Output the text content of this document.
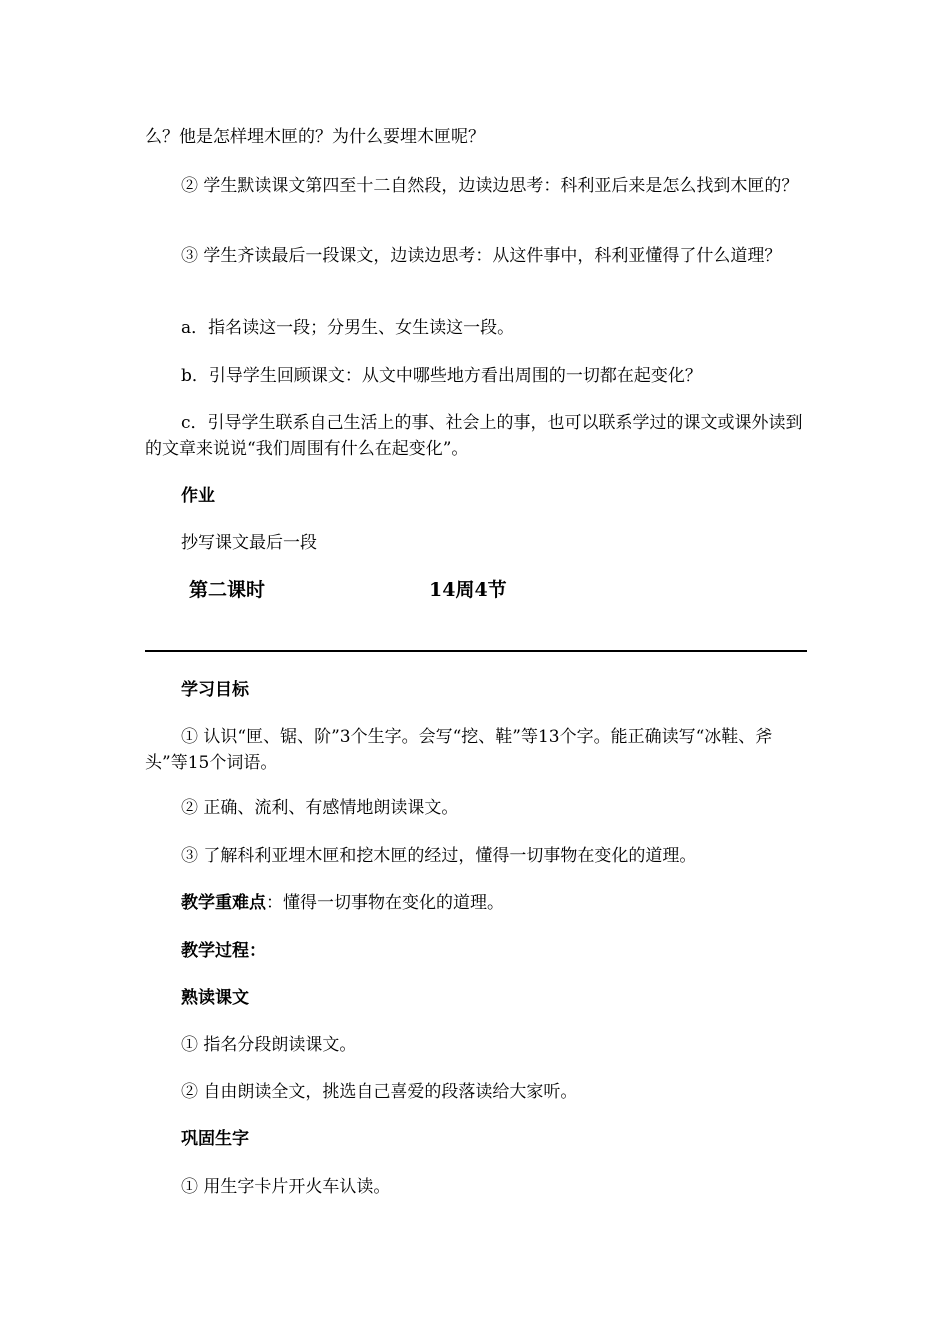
么？他是怎样埋木匣的？为什么要埋木匣呢？

② 学生默读课文第四至十二自然段，边读边思考：科利亚后来是怎么找到木匣的？

③ 学生齐读最后一段课文，边读边思考：从这件事中，科利亚懂得了什么道理？

a．指名读这一段；分男生、女生读这一段。

b．引导学生回顾课文：从文中哪些地方看出周围的一切都在起变化？

c．引导学生联系自己生活上的事、社会上的事，也可以联系学过的课文或课外读到的文章来说说“我们周围有什么在起变化”。

作业

抄写课文最后一段

第二课时	14周4节

学习目标

① 认识“匣、锯、阶”3个生字。会写“挖、鞋”等13个字。能正确读写“冰鞋、斧头”等15个词语。

② 正确、流利、有感情地朗读课文。

③ 了解科利亚埋木匣和挖木匣的经过，懂得一切事物在变化的道理。

教学重难点：懂得一切事物在变化的道理。

教学过程：

熟读课文

① 指名分段朗读课文。

② 自由朗读全文，挑选自己喜爱的段落读给大家听。

巩固生字

① 用生字卡片开火车认读。
